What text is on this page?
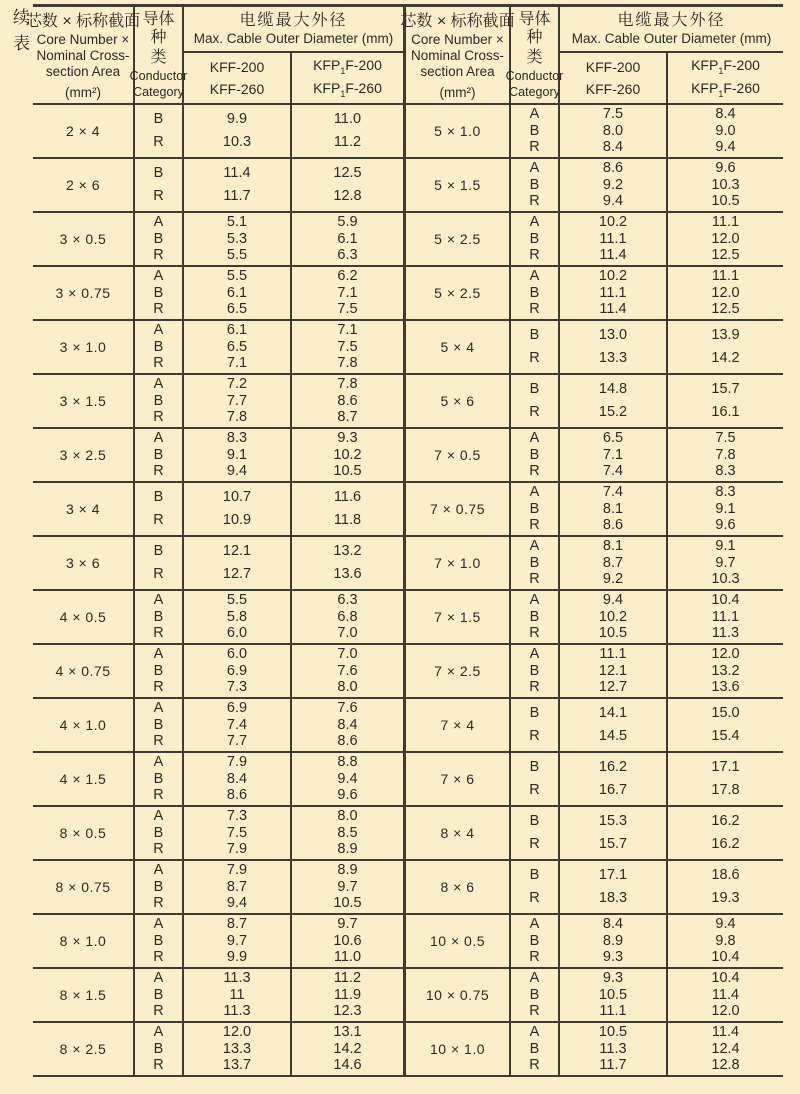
续表
芯数 × 标称截面
Core Number ×
Nominal Cross-
section Area
(mm²)
导体种
类
Conductor
Category
电缆最大外径
Max. Cable Outer Diameter (mm)
KFF-200
KFF-260
$KFP_1F-200$
$KFP_1F-260$
2 × 4
B
R
9.9
10.3
11.0
11.2
2 × 6
B
R
11.4
11.7
12.5
12.8
3 × 0.5
A
B
R
5.1
5.3
5.5
5.9
6.1
6.3
3 × 0.75
A
B
R
5.5
6.1
6.5
6.2
7.1
7.5
3 × 1.0
A
B
R
6.1
6.5
7.1
7.1
7.5
7.8
3 × 1.5
A
B
R
7.2
7.7
7.8
7.8
8.6
8.7
3 × 2.5
A
B
R
8.3
9.1
9.4
9.3
10.2
10.5
3 × 4
B
R
10.7
10.9
11.6
11.8
3 × 6
B
R
12.1
12.7
13.2
13.6
4 × 0.5
A
B
R
5.5
5.8
6.0
6.3
6.8
7.0
4 × 0.75
A
B
R
6.0
6.9
7.3
7.0
7.6
8.0
4 × 1.0
A
B
R
6.9
7.4
7.7
7.6
8.4
8.6
4 × 1.5
A
B
R
7.9
8.4
8.6
8.8
9.4
9.6
8 × 0.5
A
B
R
7.3
7.5
7.9
8.0
8.5
8.9
8 × 0.75
A
B
R
7.9
8.7
9.4
8.9
9.7
10.5
8 × 1.0
A
B
R
8.7
9.7
9.9
9.7
10.6
11.0
8 × 1.5
A
B
R
11.3
11
11.3
11.2
11.9
12.3
8 × 2.5
A
B
R
12.0
13.3
13.7
13.1
14.2
14.6
芯数 × 标称截面
Core Number ×
Nominal Cross-
section Area
(mm²)
导体种
类
Conductor
Category
电缆最大外径
Max. Cable Outer Diameter (mm)
KFF-200
KFF-260
$KFP_1F-200$
$KFP_1F-260$
5 × 1.0
A
B
R
7.5
8.0
8.4
8.4
9.0
9.4
5 × 1.5
A
B
R
8.6
9.2
9.4
9.6
10.3
10.5
5 × 2.5
A
B
R
10.2
11.1
11.4
11.1
12.0
12.5
5 × 2.5
A
B
R
10.2
11.1
11.4
11.1
12.0
12.5
5 × 4
B
R
13.0
13.3
13.9
14.2
5 × 6
B
R
14.8
15.2
15.7
16.1
7 × 0.5
A
B
R
6.5
7.1
7.4
7.5
7.8
8.3
7 × 0.75
A
B
R
7.4
8.1
8.6
8.3
9.1
9.6
7 × 1.0
A
B
R
8.1
8.7
9.2
9.1
9.7
10.3
7 × 1.5
A
B
R
9.4
10.2
10.5
10.4
11.1
11.3
7 × 2.5
A
B
R
11.1
12.1
12.7
12.0
13.2
13.6
7 × 4
B
R
14.1
14.5
15.0
15.4
7 × 6
B
R
16.2
16.7
17.1
17.8
8 × 4
B
R
15.3
15.7
16.2
16.2
8 × 6
B
R
17.1
18.3
18.6
19.3
10 × 0.5
A
B
R
8.4
8.9
9.3
9.4
9.8
10.4
10 × 0.75
A
B
R
9.3
10.5
11.1
10.4
11.4
12.0
10 × 1.0
A
B
R
10.5
11.3
11.7
11.4
12.4
12.8
